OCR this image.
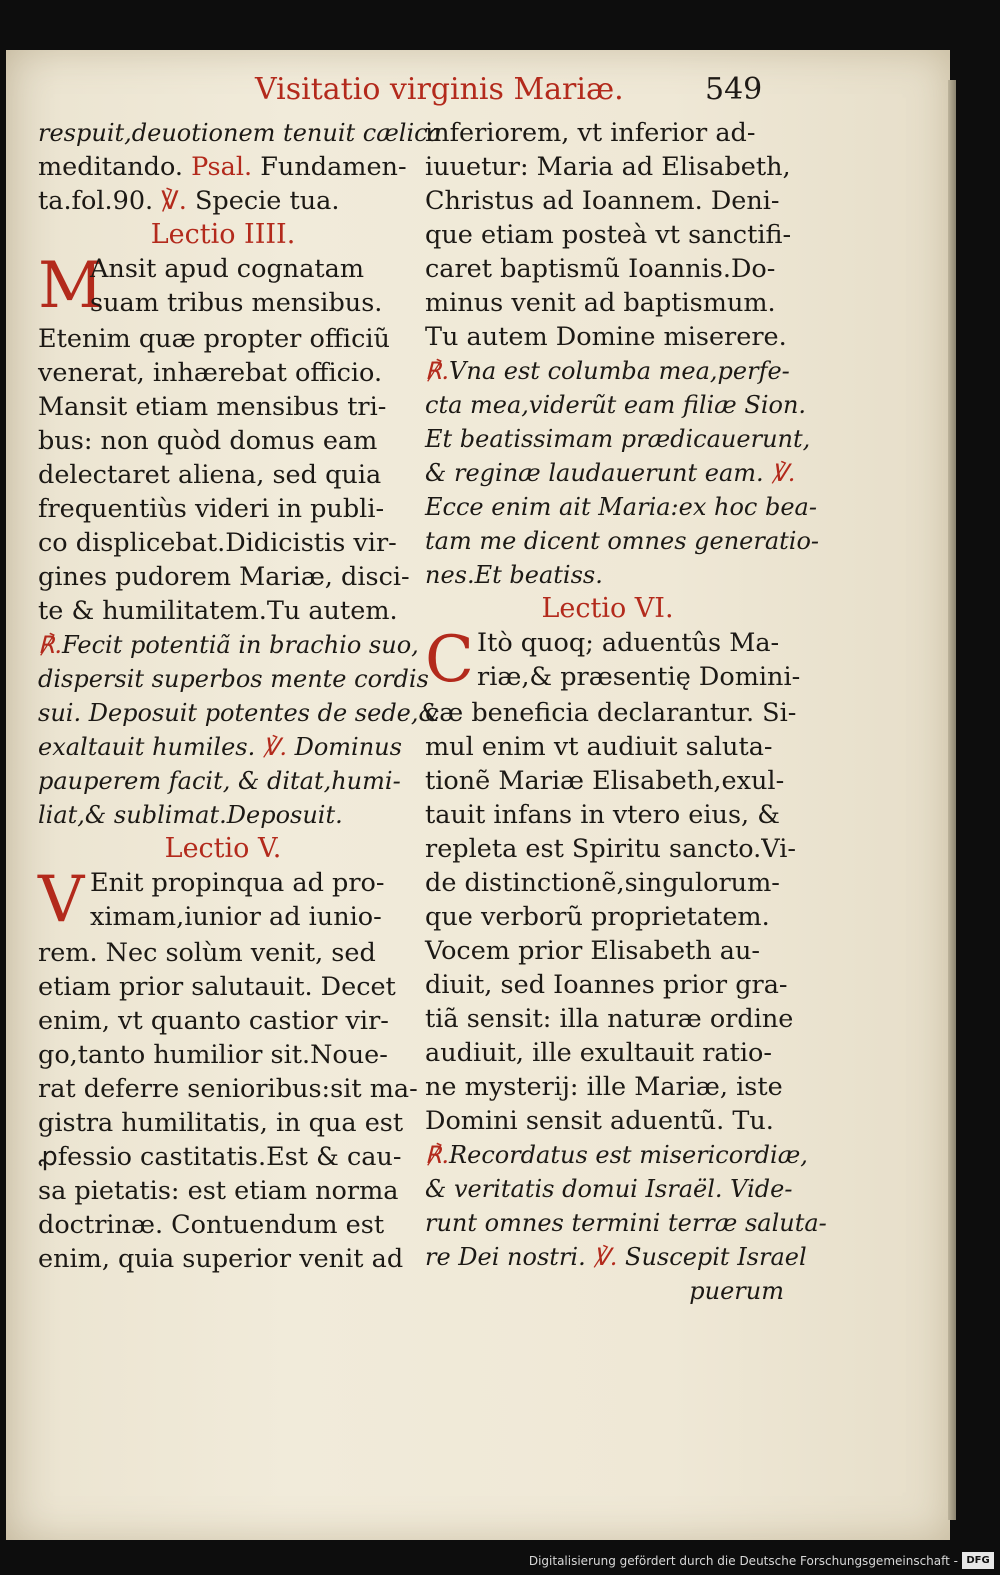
Visitatio virginis Mariæ.	549
respuit,deuotionem tenuit cælica
meditando. Psal. Fundamen-
ta.fol.90. ℣. Specie tua.
Lectio IIII.
M
Ansit apud cognatam
suam tribus mensibus.
Etenim quæ propter officiũ
venerat, inhærebat officio.
Mansit etiam mensibus tri-
bus: non quòd domus eam
delectaret aliena, sed quia
frequentiùs videri in publi-
co displicebat.Didicistis vir-
gines pudorem Mariæ, disci-
te & humilitatem.Tu autem.
℟.Fecit potentiã in brachio suo,
dispersit superbos mente cordis
sui. Deposuit potentes de sede,&
exaltauit humiles. ℣. Dominus
pauperem facit, & ditat,humi-
liat,& sublimat.Deposuit.
Lectio V.
V Enit propinqua ad pro-
ximam,iunior ad iunio-
rem. Nec solùm venit, sed
etiam prior salutauit. Decet
enim, vt quanto castior vir-
go,tanto humilior sit.Noue-
rat deferre senioribus:sit ma-
gistra humilitatis, in qua est
ꝓfessio castitatis.Est & cau-
sa pietatis: est etiam norma
doctrinæ. Contuendum est
enim, quia superior venit ad
inferiorem, vt inferior ad-
iuuetur: Maria ad Elisabeth,
Christus ad Ioannem. Deni-
que etiam posteà vt sanctifi-
caret baptismũ Ioannis.Do-
minus venit ad baptismum.
Tu autem Domine miserere.
℟.Vna est columba mea,perfe-
cta mea,viderũt eam filiæ Sion.
Et beatissimam prædicauerunt,
& reginæ laudauerunt eam. ℣.
Ecce enim ait Maria:ex hoc bea-
tam me dicent omnes generatio-
nes.Et beatiss.
Lectio VI.
C Itò quoq; aduentûs Ma-
riæ,& præsentię Domini-
cæ beneficia declarantur. Si-
mul enim vt audiuit saluta-
tionẽ Mariæ Elisabeth,exul-
tauit infans in vtero eius, &
repleta est Spiritu sancto.Vi-
de distinctionẽ,singulorum-
que verborũ proprietatem.
Vocem prior Elisabeth au-
diuit, sed Ioannes prior gra-
tiã sensit: illa naturæ ordine
audiuit, ille exultauit ratio-
ne mysterij: ille Mariæ, iste
Domini sensit aduentũ. Tu.
℟.Recordatus est misericordiæ,
& veritatis domui Israël. Vide-
runt omnes termini terræ saluta-
re Dei nostri. ℣. Suscepit Israel
puerum
Digitalisierung gefördert durch die Deutsche Forschungsgemeinschaft - DFG
